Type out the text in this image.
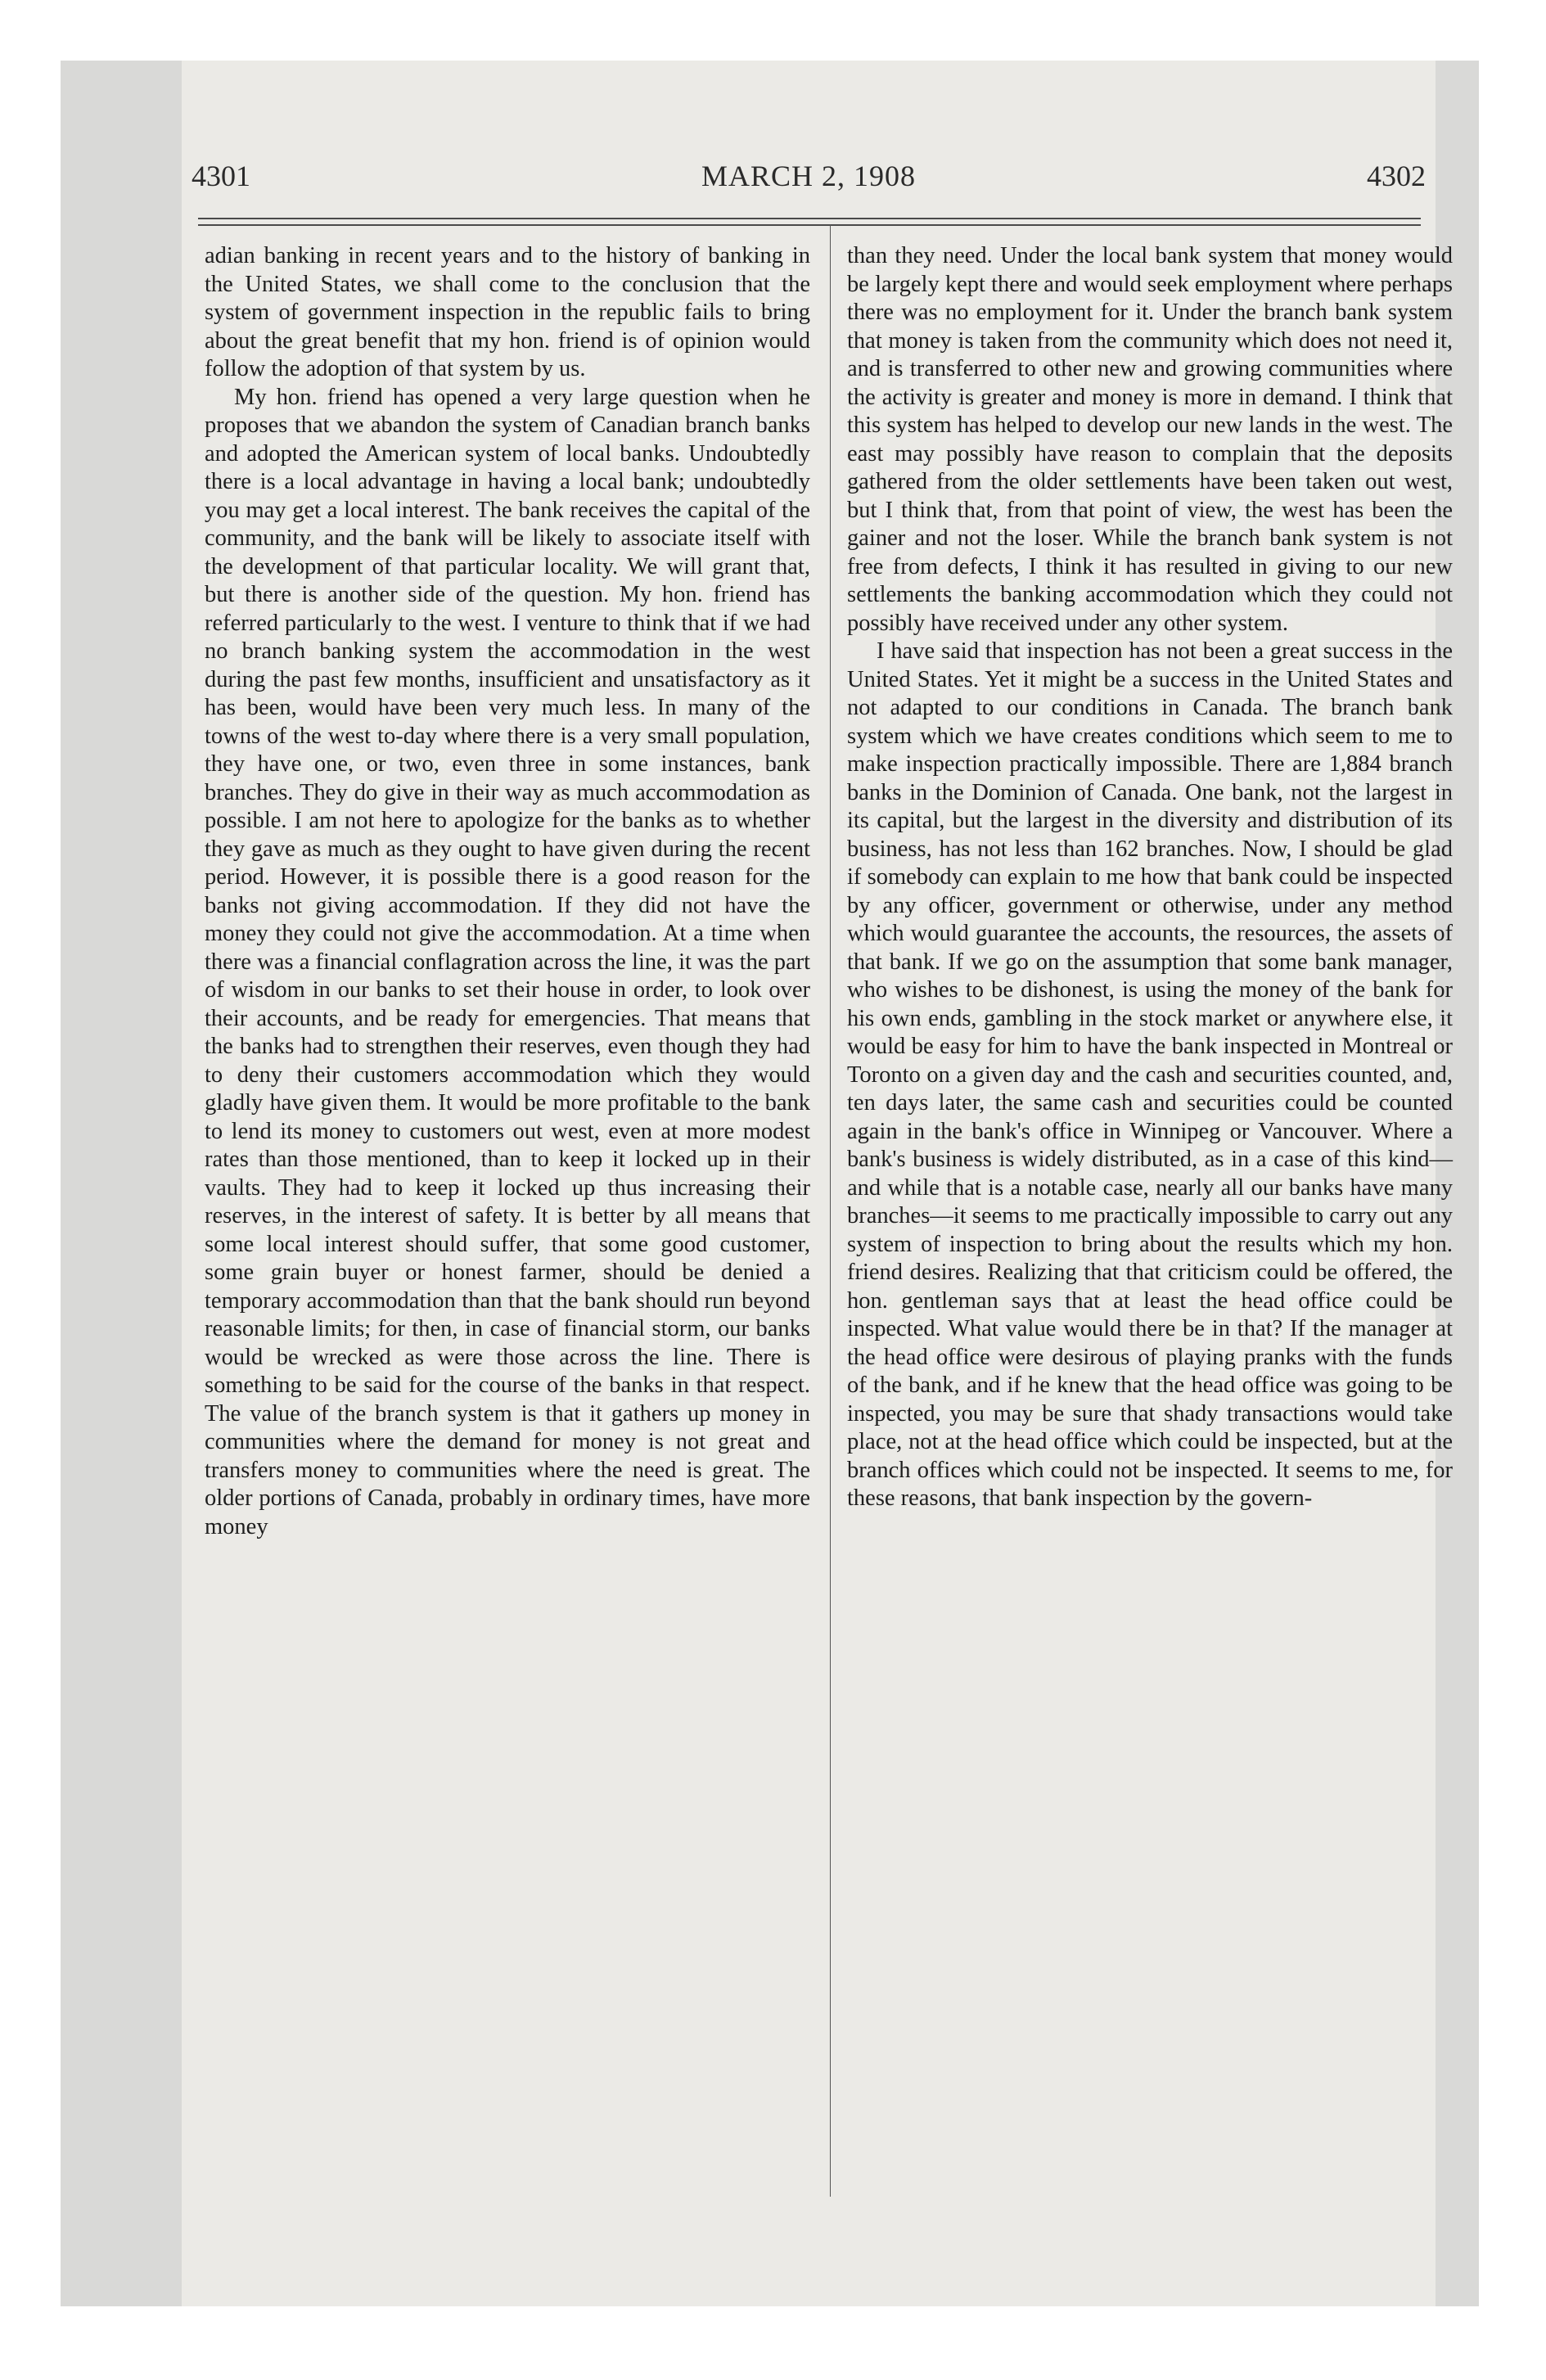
4301	MARCH 2, 1908	4302

adian banking in recent years and to the history of banking in the United States, we shall come to the conclusion that the system of government inspection in the republic fails to bring about the great benefit that my hon. friend is of opinion would follow the adoption of that system by us.

My hon. friend has opened a very large question when he proposes that we abandon the system of Canadian branch banks and adopted the American system of local banks. Undoubtedly there is a local advantage in having a local bank; undoubtedly you may get a local interest. The bank receives the capital of the community, and the bank will be likely to associate itself with the development of that particular locality. We will grant that, but there is another side of the question. My hon. friend has referred particularly to the west. I venture to think that if we had no branch banking system the accommodation in the west during the past few months, insufficient and unsatisfactory as it has been, would have been very much less. In many of the towns of the west to-day where there is a very small population, they have one, or two, even three in some instances, bank branches. They do give in their way as much accommodation as possible. I am not here to apologize for the banks as to whether they gave as much as they ought to have given during the recent period. However, it is possible there is a good reason for the banks not giving accommodation. If they did not have the money they could not give the accommodation. At a time when there was a financial conflagration across the line, it was the part of wisdom in our banks to set their house in order, to look over their accounts, and be ready for emergencies. That means that the banks had to strengthen their reserves, even though they had to deny their customers accommodation which they would gladly have given them. It would be more profitable to the bank to lend its money to customers out west, even at more modest rates than those mentioned, than to keep it locked up in their vaults. They had to keep it locked up thus increasing their reserves, in the interest of safety. It is better by all means that some local interest should suffer, that some good customer, some grain buyer or honest farmer, should be denied a temporary accommodation than that the bank should run beyond reasonable limits; for then, in case of financial storm, our banks would be wrecked as were those across the line. There is something to be said for the course of the banks in that respect. The value of the branch system is that it gathers up money in communities where the demand for money is not great and transfers money to communities where the need is great. The older portions of Canada, probably in ordinary times, have more money

than they need. Under the local bank system that money would be largely kept there and would seek employment where perhaps there was no employment for it. Under the branch bank system that money is taken from the community which does not need it, and is transferred to other new and growing communities where the activity is greater and money is more in demand. I think that this system has helped to develop our new lands in the west. The east may possibly have reason to complain that the deposits gathered from the older settlements have been taken out west, but I think that, from that point of view, the west has been the gainer and not the loser. While the branch bank system is not free from defects, I think it has resulted in giving to our new settlements the banking accommodation which they could not possibly have received under any other system.

I have said that inspection has not been a great success in the United States. Yet it might be a success in the United States and not adapted to our conditions in Canada. The branch bank system which we have creates conditions which seem to me to make inspection practically impossible. There are 1,884 branch banks in the Dominion of Canada. One bank, not the largest in its capital, but the largest in the diversity and distribution of its business, has not less than 162 branches. Now, I should be glad if somebody can explain to me how that bank could be inspected by any officer, government or otherwise, under any method which would guarantee the accounts, the resources, the assets of that bank. If we go on the assumption that some bank manager, who wishes to be dishonest, is using the money of the bank for his own ends, gambling in the stock market or anywhere else, it would be easy for him to have the bank inspected in Montreal or Toronto on a given day and the cash and securities counted, and, ten days later, the same cash and securities could be counted again in the bank's office in Winnipeg or Vancouver. Where a bank's business is widely distributed, as in a case of this kind—and while that is a notable case, nearly all our banks have many branches—it seems to me practically impossible to carry out any system of inspection to bring about the results which my hon. friend desires. Realizing that that criticism could be offered, the hon. gentleman says that at least the head office could be inspected. What value would there be in that? If the manager at the head office were desirous of playing pranks with the funds of the bank, and if he knew that the head office was going to be inspected, you may be sure that shady transactions would take place, not at the head office which could be inspected, but at the branch offices which could not be inspected. It seems to me, for these reasons, that bank inspection by the govern-
